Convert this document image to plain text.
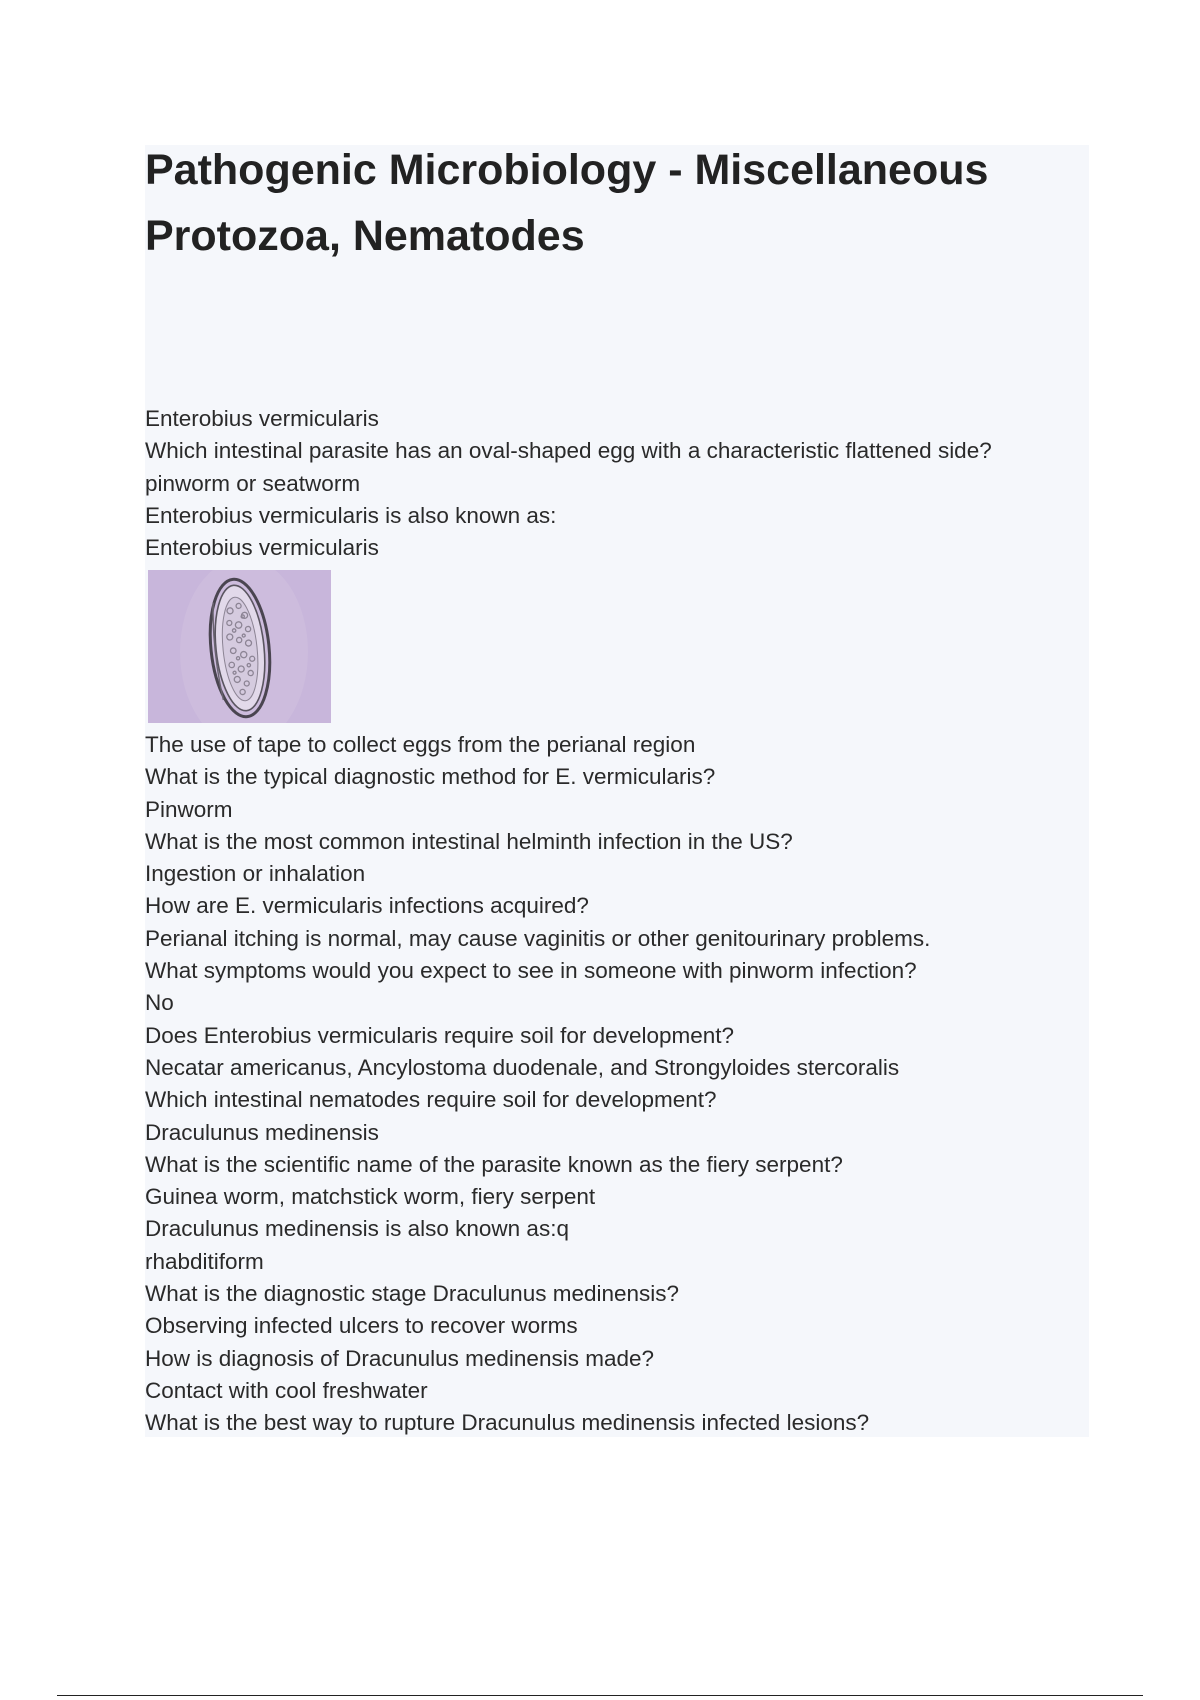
Pathogenic Microbiology - Miscellaneous Protozoa, Nematodes
Enterobius vermicularis
Which intestinal parasite has an oval-shaped egg with a characteristic flattened side?
pinworm or seatworm
Enterobius vermicularis is also known as:
Enterobius vermicularis
The use of tape to collect eggs from the perianal region
What is the typical diagnostic method for E. vermicularis?
Pinworm
What is the most common intestinal helminth infection in the US?
Ingestion or inhalation
How are E. vermicularis infections acquired?
Perianal itching is normal, may cause vaginitis or other genitourinary problems.
What symptoms would you expect to see in someone with pinworm infection?
No
Does Enterobius vermicularis require soil for development?
Necatar americanus, Ancylostoma duodenale, and Strongyloides stercoralis
Which intestinal nematodes require soil for development?
Draculunus medinensis
What is the scientific name of the parasite known as the fiery serpent?
Guinea worm, matchstick worm, fiery serpent
Draculunus medinensis is also known as:q
rhabditiform
What is the diagnostic stage Draculunus medinensis?
Observing infected ulcers to recover worms
How is diagnosis of Dracunulus medinensis made?
Contact with cool freshwater
What is the best way to rupture Dracunulus medinensis infected lesions?
